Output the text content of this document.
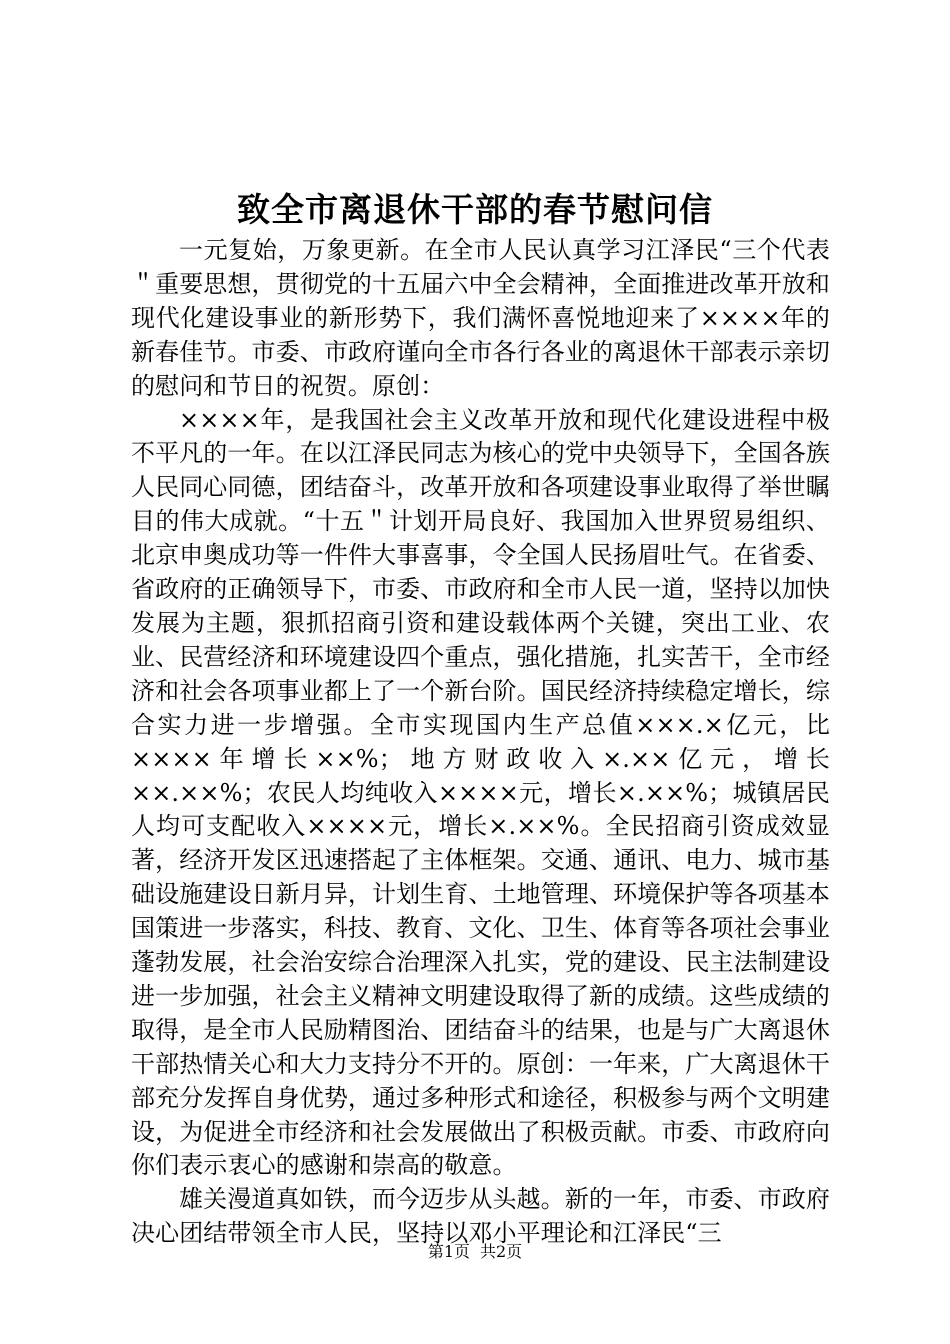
致全市离退休干部的春节慰问信

一元复始，万象更新。在全市人民认真学习江泽民“三个代表＂重要思想，贯彻党的十五届六中全会精神，全面推进改革开放和现代化建设事业的新形势下，我们满怀喜悦地迎来了××××年的新春佳节。市委、市政府谨向全市各行各业的离退休干部表示亲切的慰问和节日的祝贺。原创：

××××年，是我国社会主义改革开放和现代化建设进程中极不平凡的一年。在以江泽民同志为核心的党中央领导下，全国各族人民同心同德，团结奋斗，改革开放和各项建设事业取得了举世瞩目的伟大成就。“十五＂计划开局良好、我国加入世界贸易组织、北京申奥成功等一件件大事喜事，令全国人民扬眉吐气。在省委、省政府的正确领导下，市委、市政府和全市人民一道，坚持以加快发展为主题，狠抓招商引资和建设载体两个关键，突出工业、农业、民营经济和环境建设四个重点，强化措施，扎实苦干，全市经济和社会各项事业都上了一个新台阶。国民经济持续稳定增长，综合实力进一步增强。全市实现国内生产总值×××.×亿元，比××××年增长××%；地方财政收入×.××亿元，增长××.××%；农民人均纯收入××××元，增长×.××%；城镇居民人均可支配收入××××元，增长×.××%。全民招商引资成效显著，经济开发区迅速搭起了主体框架。交通、通讯、电力、城市基础设施建设日新月异，计划生育、土地管理、环境保护等各项基本国策进一步落实，科技、教育、文化、卫生、体育等各项社会事业蓬勃发展，社会治安综合治理深入扎实，党的建设、民主法制建设进一步加强，社会主义精神文明建设取得了新的成绩。这些成绩的取得，是全市人民励精图治、团结奋斗的结果，也是与广大离退休干部热情关心和大力支持分不开的。原创：一年来，广大离退休干部充分发挥自身优势，通过多种形式和途径，积极参与两个文明建设，为促进全市经济和社会发展做出了积极贡献。市委、市政府向你们表示衷心的感谢和崇高的敬意。

雄关漫道真如铁，而今迈步从头越。新的一年，市委、市政府决心团结带领全市人民，坚持以邓小平理论和江泽民“三

第1页 共2页
